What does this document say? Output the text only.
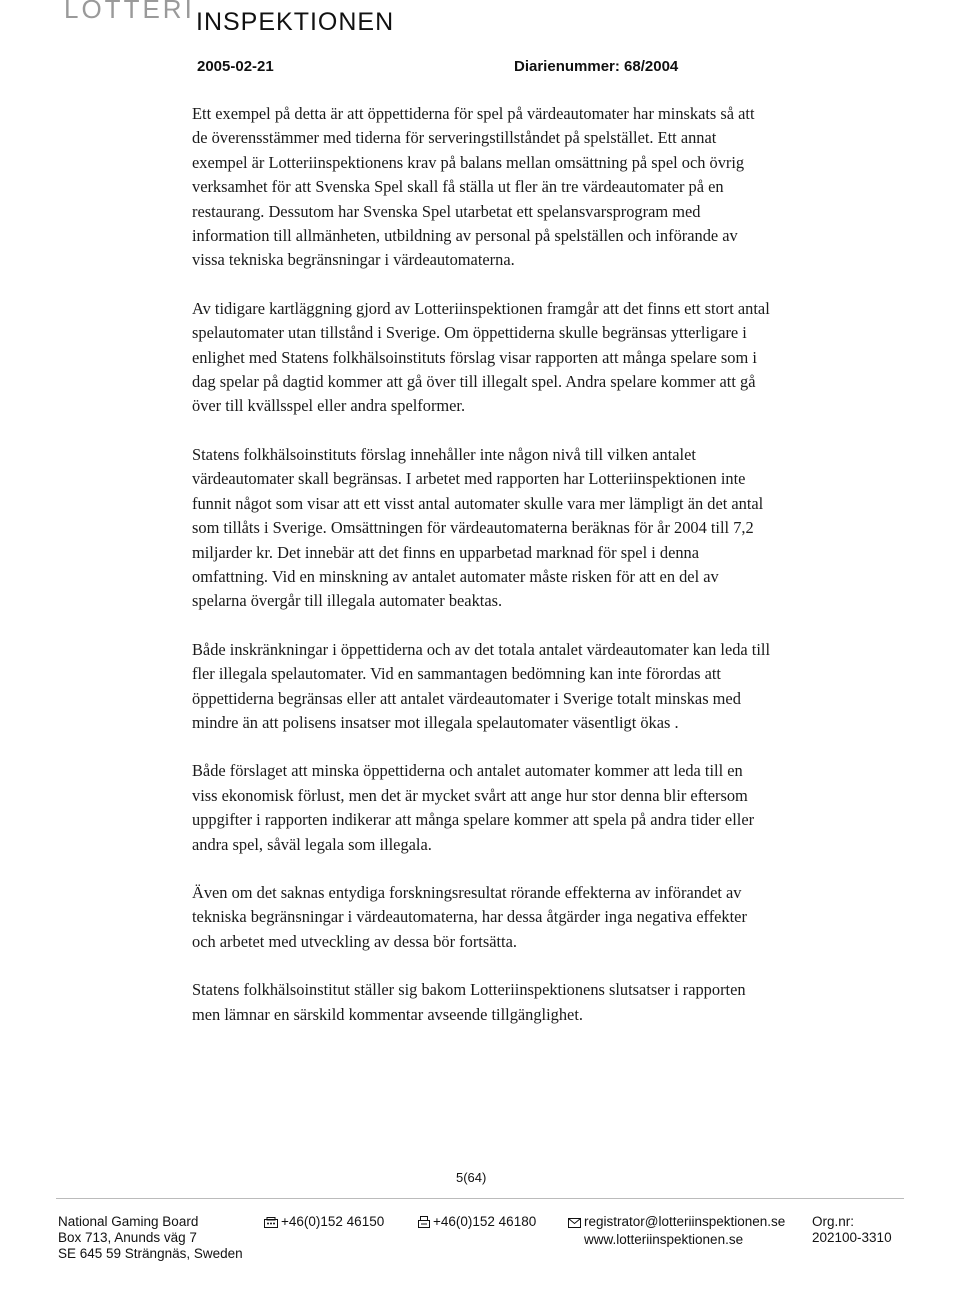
LOTTERI INSPEKTIONEN
2005-02-21	Diarienummer: 68/2004

Ett exempel på detta är att öppettiderna för spel på värdeautomater har minskats så att de överensstämmer med tiderna för serveringstillståndet på spelstället. Ett annat exempel är Lotteriinspektionens krav på balans mellan omsättning på spel och övrig verksamhet för att Svenska Spel skall få ställa ut fler än tre värdeautomater på en restaurang. Dessutom har Svenska Spel utarbetat ett spelansvarsprogram med information till allmänheten, utbildning av personal på spelställen och införande av vissa tekniska begränsningar i värdeautomaterna.

Av tidigare kartläggning gjord av Lotteriinspektionen framgår att det finns ett stort antal spelautomater utan tillstånd i Sverige. Om öppettiderna skulle begränsas ytterligare i enlighet med Statens folkhälsoinstituts förslag visar rapporten att många spelare som i dag spelar på dagtid kommer att gå över till illegalt spel. Andra spelare kommer att gå över till kvällsspel eller andra spelformer.

Statens folkhälsoinstituts förslag innehåller inte någon nivå till vilken antalet värdeautomater skall begränsas. I arbetet med rapporten har Lotteriinspektionen inte funnit något som visar att ett visst antal automater skulle vara mer lämpligt än det antal som tillåts i Sverige. Omsättningen för värdeautomaterna beräknas för år 2004 till 7,2 miljarder kr. Det innebär att det finns en upparbetad marknad för spel i denna omfattning. Vid en minskning av antalet automater måste risken för att en del av spelarna övergår till illegala automater beaktas.

Både inskränkningar i öppettiderna och av det totala antalet värdeautomater kan leda till fler illegala spelautomater. Vid en sammantagen bedömning kan inte förordas att öppettiderna begränsas eller att antalet värdeautomater i Sverige totalt minskas med mindre än att polisens insatser mot illegala spelautomater väsentligt ökas .

Både förslaget att minska öppettiderna och antalet automater kommer att leda till en viss ekonomisk förlust, men det är mycket svårt att ange hur stor denna blir eftersom uppgifter i rapporten indikerar att många spelare kommer att spela på andra tider eller andra spel, såväl legala som illegala.

Även om det saknas entydiga forskningsresultat rörande effekterna av införandet av tekniska begränsningar i värdeautomaterna, har dessa åtgärder inga negativa effekter och arbetet med utveckling av dessa bör fortsätta.

Statens folkhälsoinstitut ställer sig bakom Lotteriinspektionens slutsatser i rapporten men lämnar en särskild kommentar avseende tillgänglighet.

5(64)
National Gaming Board
Box 713, Anunds väg 7
SE 645 59 Strängnäs, Sweden
+46(0)152 46150	+46(0)152 46180	registrator@lotteriinspektionen.se
www.lotteriinspektionen.se
Org.nr:
202100-3310
